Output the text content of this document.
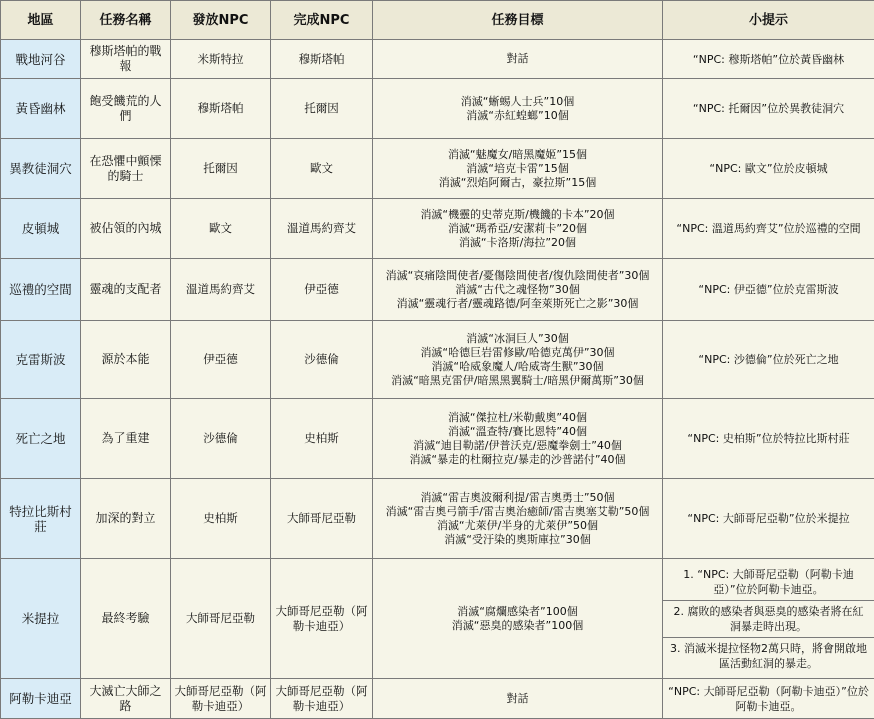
地區	任務名稱	發放NPC	完成NPC	任務目標	小提示
戰地河谷	穆斯塔帕的戰報	米斯特拉	穆斯塔帕	對話	“NPC: 穆斯塔帕”位於黃昏幽林

黃昏幽林	飽受饑荒的人們	穆斯塔帕	托爾因	消滅“蜥蜴人士兵”10個
消滅“赤紅蝗螂”10個	“NPC: 托爾因”位於異教徒洞穴

異教徒洞穴	在恐懼中顫慄的騎士	托爾因	歐文	消滅“魅魔女/暗黑魔姬”15個
消滅“培克卡雷”15個
消滅“烈焰阿爾古，豪拉斯”15個	“NPC: 歐文”位於皮頓城

皮頓城	被佔領的內城	歐文	溫道馬約齊艾	消滅“機靈的史蒂克斯/機饑的卡本”20個
消滅“瑪希亞/安潔莉卡”20個
消滅“卡洛斯/海拉”20個	“NPC: 溫道馬約齊艾”位於巡禮的空間

巡禮的空間	靈魂的支配者	溫道馬約齊艾	伊亞德	消滅“哀痛陰間使者/憂傷陰間使者/復仇陰間使者”30個
消滅“古代之魂怪物”30個
消滅“靈魂行者/靈魂路德/阿奎萊斯死亡之影”30個	“NPC: 伊亞德”位於克雷斯波

克雷斯波	源於本能	伊亞德	沙德倫	消滅“冰洞巨人”30個
消滅“哈德巨岩雷修歐/哈德克萬伊”30個
消滅“哈威象魔人/哈威寄生獸”30個
消滅“暗黑克雷伊/暗黑黑翼騎士/暗黑伊爾萬斯”30個	“NPC: 沙德倫”位於死亡之地

死亡之地	為了重建	沙德倫	史柏斯	消滅“傑拉杜/米勒戴奧”40個
消滅“溫查特/賽比恩特”40個
消滅“迪目勒諾/伊普沃克/惡魔拳劍士”40個
消滅“暴走的杜爾拉克/暴走的沙普諾付”40個	“NPC: 史柏斯”位於特拉比斯村莊

特拉比斯村莊	加深的對立	史柏斯	大師哥尼亞勒	消滅“雷吉奧波爾利提/雷吉奧勇士”50個
消滅“雷吉奧弓箭手/雷吉奧治癒師/雷吉奧塞艾勒”50個
消滅“尤萊伊/半身的尤萊伊”50個
消滅“受汙染的奧斯庫拉”30個	“NPC: 大師哥尼亞勒”位於米提拉

米提拉	最終考驗	大師哥尼亞勒	大師哥尼亞勒（阿勒卡迪亞）	消滅“腐爛感染者”100個
消滅“惡臭的感染者”100個	1. “NPC: 大師哥尼亞勒（阿勒卡迪亞）”位於阿勒卡迪亞。
2. 腐敗的感染者與惡臭的感染者將在紅洞暴走時出現。
3. 消滅米提拉怪物2萬只時，將會開啟地區活動紅洞的暴走。

阿勒卡迪亞	大滅亡大師之路	大師哥尼亞勒（阿勒卡迪亞）	大師哥尼亞勒（阿勒卡迪亞）	對話	“NPC: 大師哥尼亞勒（阿勒卡迪亞）”位於阿勒卡迪亞。
